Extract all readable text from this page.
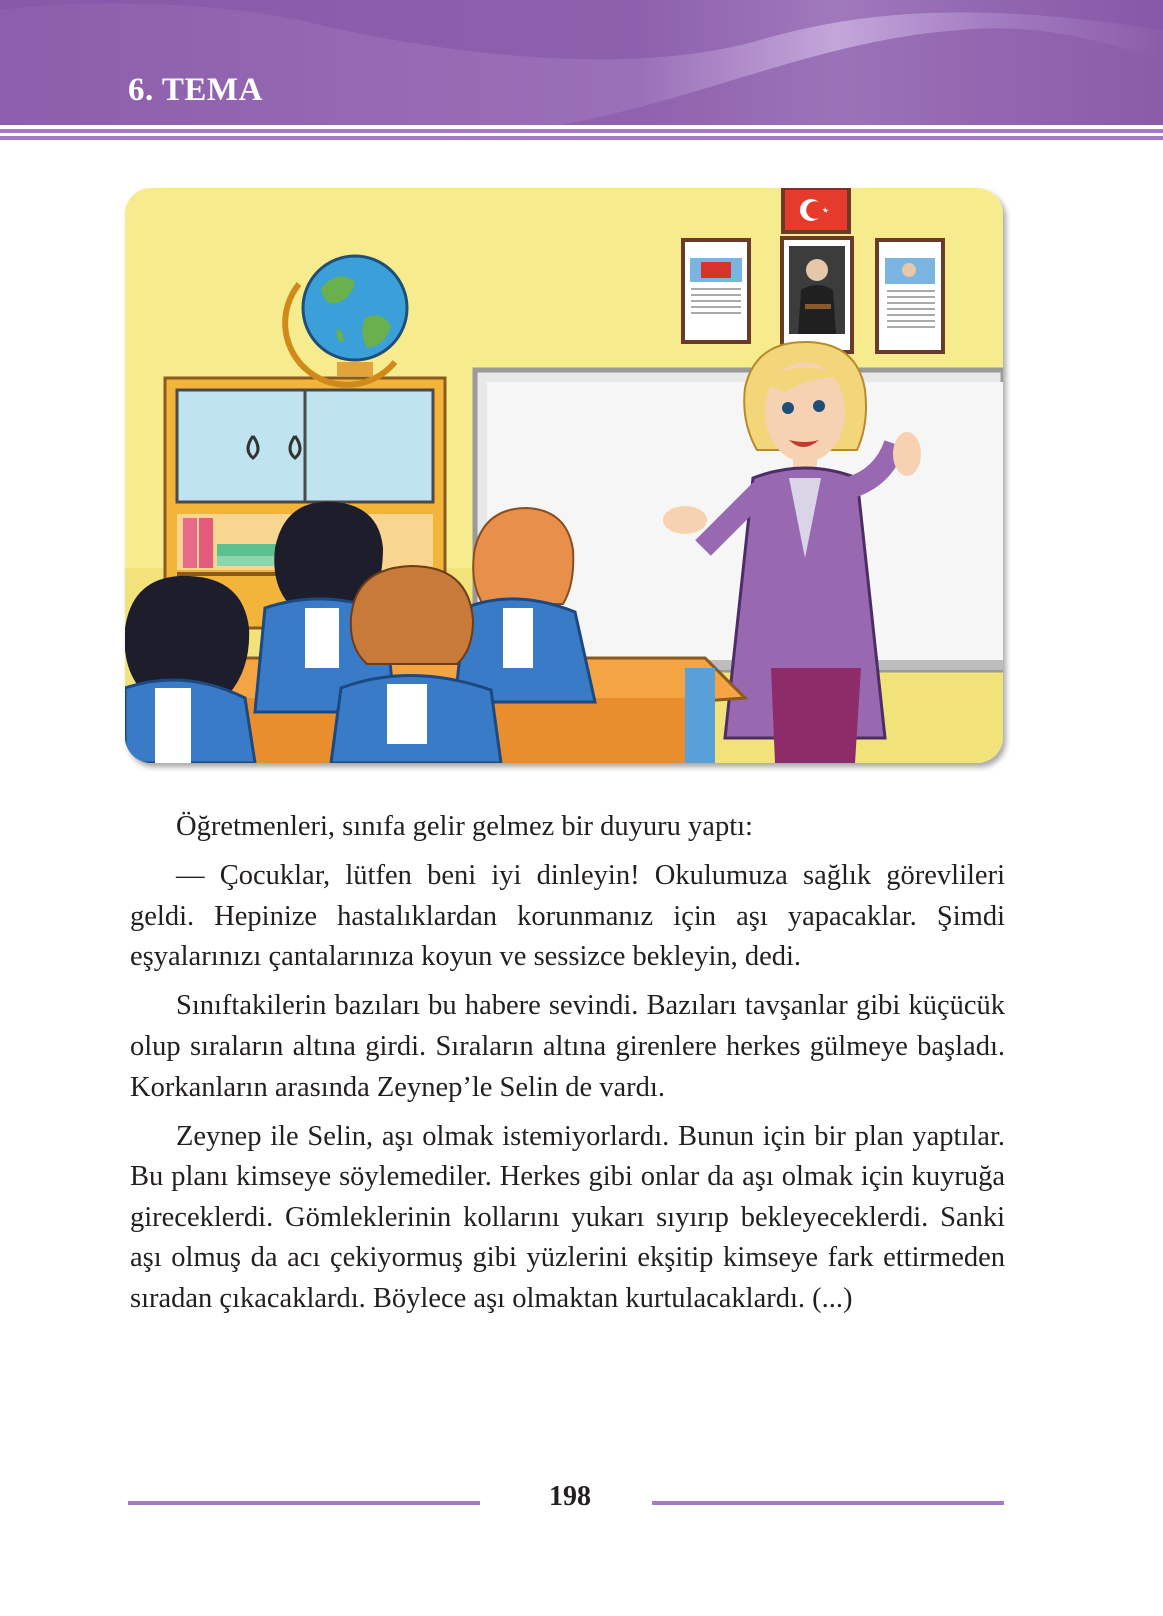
6. TEMA

Öğretmenleri, sınıfa gelir gelmez bir duyuru yaptı:

— Çocuklar, lütfen beni iyi dinleyin! Okulumuza sağlık görevlileri geldi. Hepinize hastalıklardan korunmanız için aşı yapacaklar. Şimdi eşyalarınızı çantalarınıza koyun ve sessizce bekleyin, dedi.

Sınıftakilerin bazıları bu habere sevindi. Bazıları tavşanlar gibi küçücük olup sıraların altına girdi. Sıraların altına girenlere herkes gülmeye başladı. Korkanların arasında Zeynep’le Selin de vardı.

Zeynep ile Selin, aşı olmak istemiyorlardı. Bunun için bir plan yaptılar. Bu planı kimseye söylemediler. Herkes gibi onlar da aşı olmak için kuyruğa gireceklerdi. Gömleklerinin kollarını yukarı sıyırıp bekleyeceklerdi. Sanki aşı olmuş da acı çekiyormuş gibi yüzlerini ekşitip kimseye fark ettirmeden sıradan çıkacaklardı. Böylece aşı olmaktan kurtulacaklardı. (...)

198
